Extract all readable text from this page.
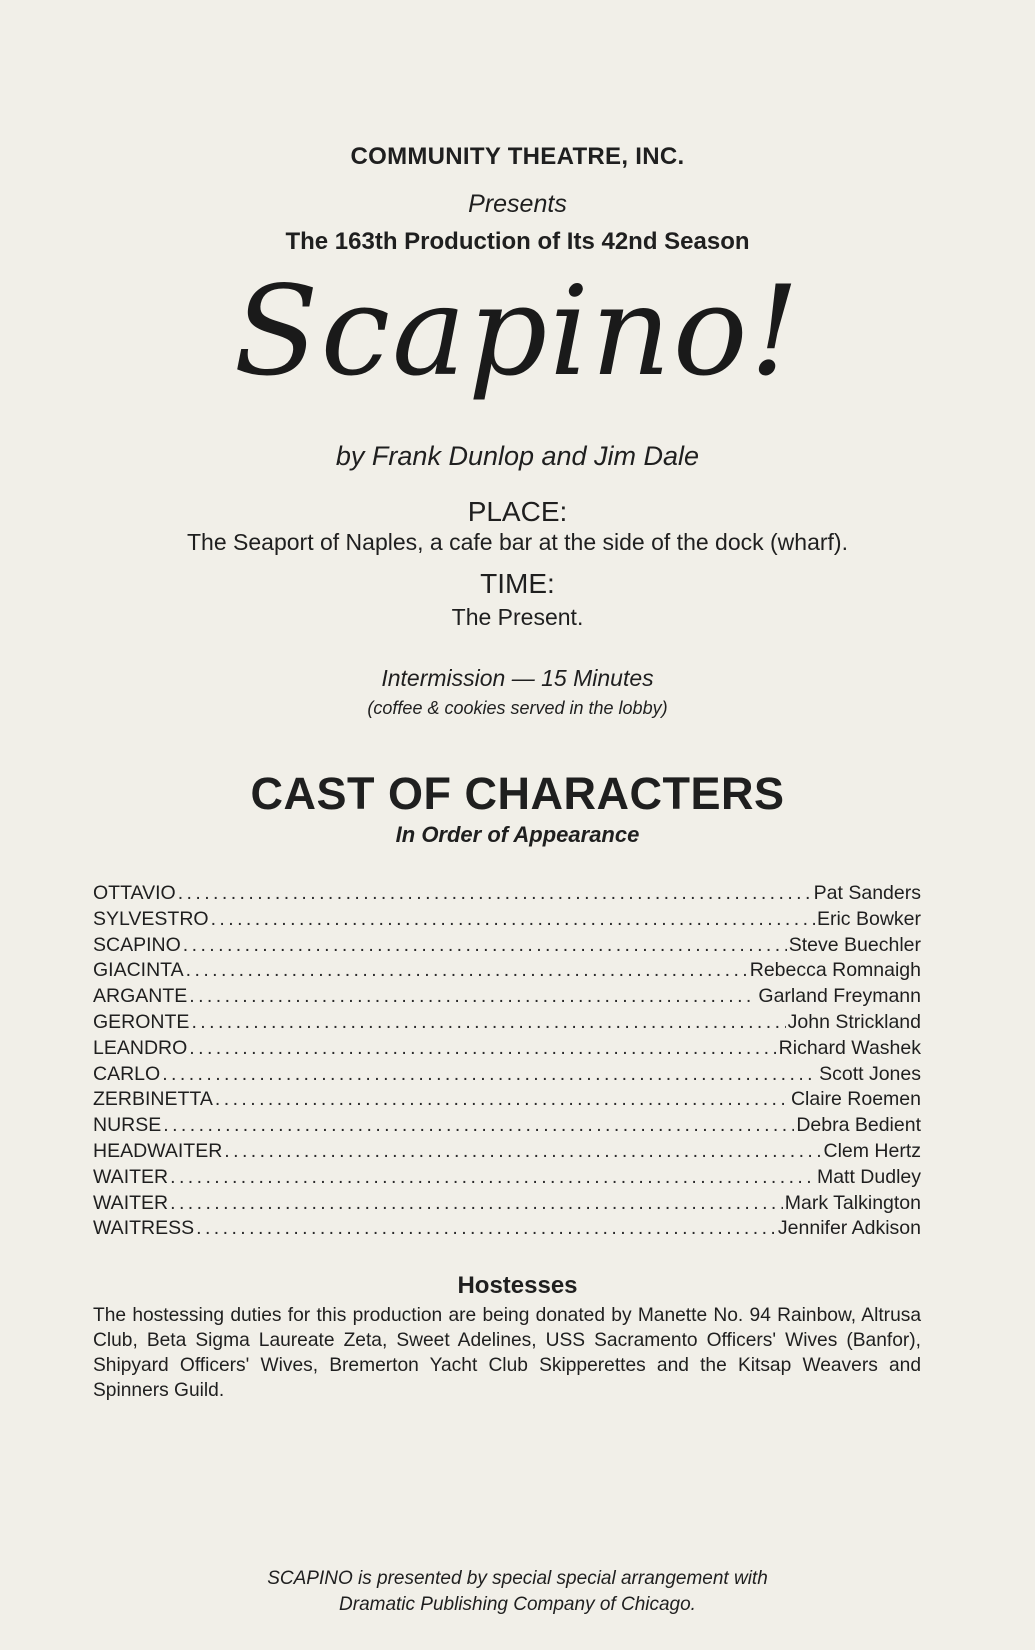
COMMUNITY THEATRE, INC.
Presents
The 163th Production of Its 42nd Season
Scapino!
by Frank Dunlop and Jim Dale
PLACE:
The Seaport of Naples, a cafe bar at the side of the dock (wharf).
TIME:
The Present.
Intermission — 15 Minutes
(coffee & cookies served in the lobby)
CAST OF CHARACTERS
In Order of Appearance
OTTAVIO . . .	Pat Sanders
SYLVESTRO . . .	Eric Bowker
SCAPINO . . .	Steve Buechler
GIACINTA . . .	Rebecca Romnaigh
ARGANTE . . .	Garland Freymann
GERONTE . . .	John Strickland
LEANDRO . . .	Richard Washek
CARLO . . .	Scott Jones
ZERBINETTA . . .	Claire Roemen
NURSE . . .	Debra Bedient
HEADWAITER . . .	Clem Hertz
WAITER . . .	Matt Dudley
WAITER . . .	Mark Talkington
WAITRESS . . .	Jennifer Adkison
Hostesses
The hostessing duties for this production are being donated by Manette No. 94 Rainbow, Altrusa Club, Beta Sigma Laureate Zeta, Sweet Adelines, USS Sacramento Officers' Wives (Banfor), Shipyard Officers' Wives, Bremerton Yacht Club Skipperettes and the Kitsap Weavers and Spinners Guild.
SCAPINO is presented by special special arrangement with
Dramatic Publishing Company of Chicago.
